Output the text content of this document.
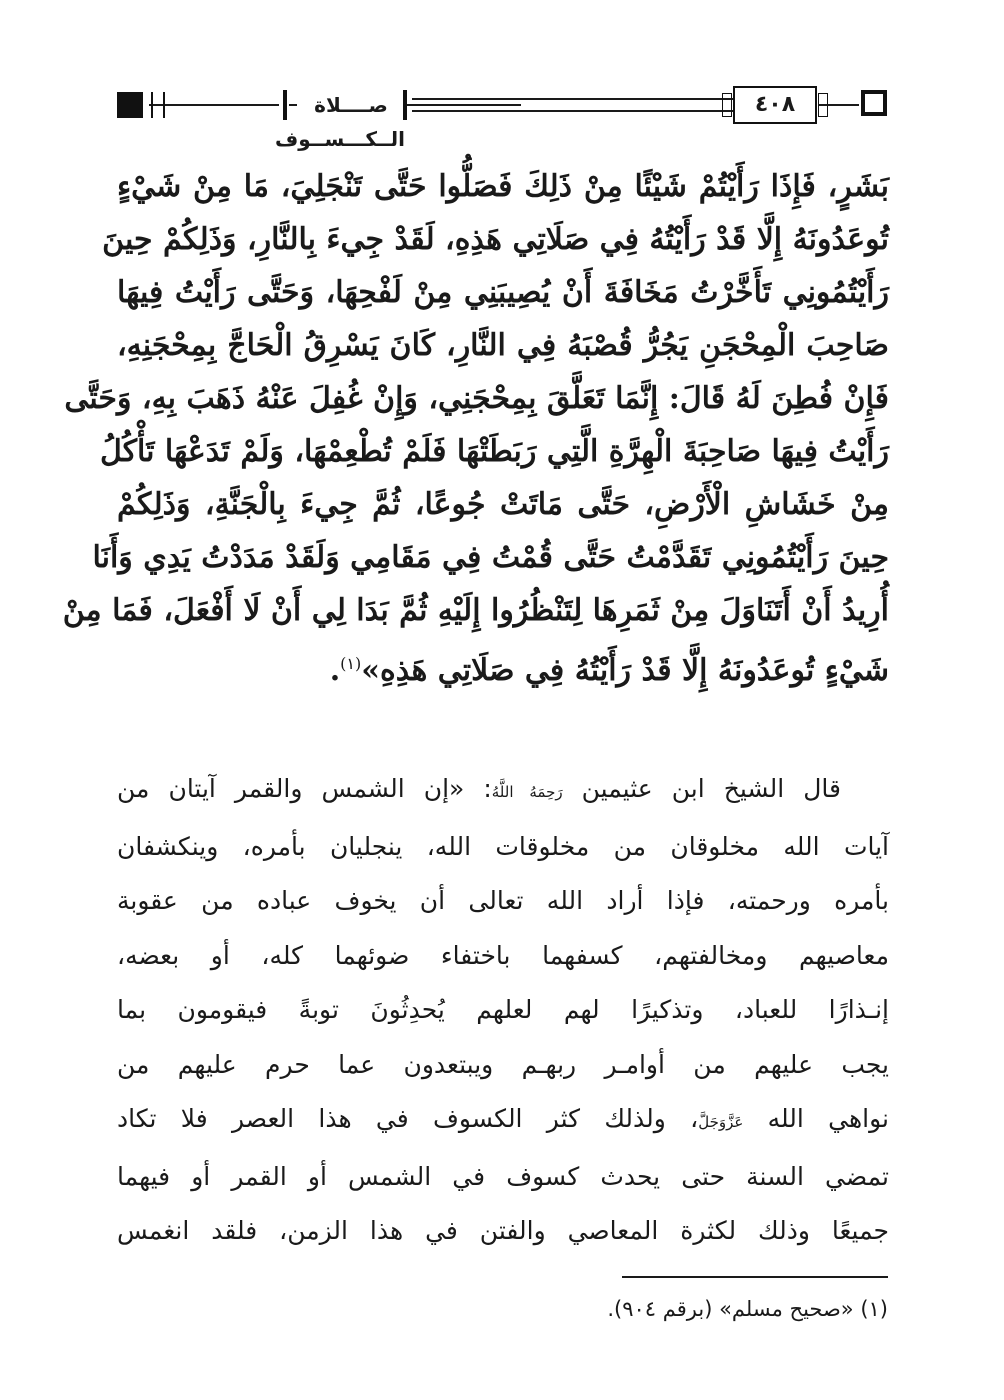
صــــلاة الــكـــســوف
٤٠٨
بَشَرٍ، فَإِذَا رَأَيْتُمْ شَيْئًا مِنْ ذَلِكَ فَصَلُّوا حَتَّى تَنْجَلِيَ، مَا مِنْ شَيْءٍ
تُوعَدُونَهُ إِلَّا قَدْ رَأَيْتُهُ فِي صَلَاتِي هَذِهِ، لَقَدْ جِيءَ بِالنَّارِ، وَذَلِكُمْ حِينَ
رَأَيْتُمُونِي تَأَخَّرْتُ مَخَافَةَ أَنْ يُصِيبَنِي مِنْ لَفْحِهَا، وَحَتَّى رَأَيْتُ فِيهَا
صَاحِبَ الْمِحْجَنِ يَجُرُّ قُصْبَهُ فِي النَّارِ، كَانَ يَسْرِقُ الْحَاجَّ بِمِحْجَنِهِ،
فَإِنْ فُطِنَ لَهُ قَالَ: إِنَّمَا تَعَلَّقَ بِمِحْجَنِي، وَإِنْ غُفِلَ عَنْهُ ذَهَبَ بِهِ، وَحَتَّى
رَأَيْتُ فِيهَا صَاحِبَةَ الْهِرَّةِ الَّتِي رَبَطَتْهَا فَلَمْ تُطْعِمْهَا، وَلَمْ تَدَعْهَا تَأْكُلُ
مِنْ خَشَاشِ الْأَرْضِ، حَتَّى مَاتَتْ جُوعًا، ثُمَّ جِيءَ بِالْجَنَّةِ، وَذَلِكُمْ
حِينَ رَأَيْتُمُونِي تَقَدَّمْتُ حَتَّى قُمْتُ فِي مَقَامِي وَلَقَدْ مَدَدْتُ يَدِي وَأَنَا
أُرِيدُ أَنْ أَتَنَاوَلَ مِنْ ثَمَرِهَا لِتَنْظُرُوا إِلَيْهِ ثُمَّ بَدَا لِي أَنْ لَا أَفْعَلَ، فَمَا مِنْ
شَيْءٍ تُوعَدُونَهُ إِلَّا قَدْ رَأَيْتُهُ فِي صَلَاتِي هَذِهِ»$^{(١)}$.
قال الشيخ ابن عثيمين رَحِمَهُ اللَّهُ: «إن الشمس والقمر آيتان من
آيات الله مخلوقان من مخلوقات الله، ينجليان بأمره، وينكشفان
بأمره ورحمته، فإذا أراد الله تعالى أن يخوف عباده من عقوبة
معاصيهم ومخالفتهم، كسفهما باختفاء ضوئهما كله، أو بعضه،
إنـذارًا للعباد، وتذكيرًا لهم لعلهم يُحدِثُونَ توبةً فيقومون بما
يجب عليهم من أوامـر ربهـم ويبتعدون عما حرم عليهم من
نواهي الله عَزَّوَجَلَّ، ولذلك كثر الكسوف في هذا العصر فلا تكاد
تمضي السنة حتى يحدث كسوف في الشمس أو القمر أو فيهما
جميعًا وذلك لكثرة المعاصي والفتن في هذا الزمن، فلقد انغمس
(١) «صحيح مسلم» (برقم ٩٠٤).
